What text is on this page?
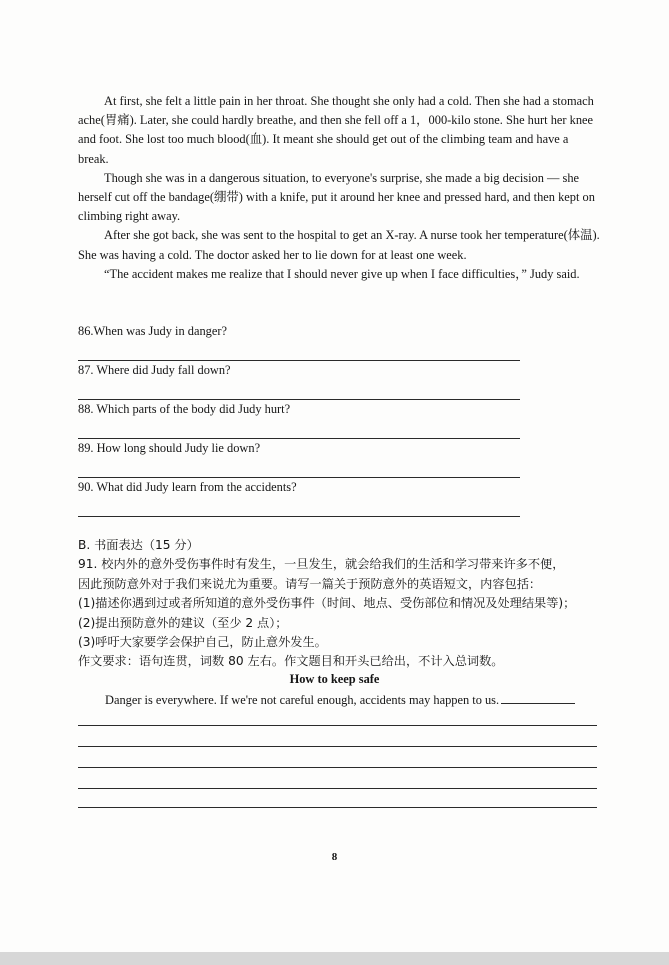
At first, she felt a little pain in her throat. She thought she only had a cold. Then she had a stomach ache(胃痛). Later, she could hardly breathe, and then she fell off a 1，000-kilo stone. She hurt her knee and foot. She lost too much blood(血). It meant she should get out of the climbing team and have a break.

Though she was in a dangerous situation, to everyone's surprise, she made a big decision — she herself cut off the bandage(绷带) with a knife, put it around her knee and pressed hard, and then kept on climbing right away.

After she got back, she was sent to the hospital to get an X-ray. A nurse took her temperature(体温). She was having a cold. The doctor asked her to lie down for at least one week.

“The accident makes me realize that I should never give up when I face difficulties，” Judy said.

86.When was Judy in danger?
87. Where did Judy fall down?
88. Which parts of the body did Judy hurt?
89. How long should Judy lie down?
90. What did Judy learn from the accidents?
B. 书面表达（15 分）
91. 校内外的意外受伤事件时有发生，一旦发生，就会给我们的生活和学习带来许多不便，
因此预防意外对于我们来说尤为重要。请写一篇关于预防意外的英语短文，内容包括：
(1)描述你遇到过或者所知道的意外受伤事件（时间、地点、受伤部位和情况及处理结果等)；
(2)提出预防意外的建议（至少 2 点）；
(3)呼吁大家要学会保护自己，防止意外发生。
作文要求：语句连贯，词数 80 左右。作文题目和开头已给出，不计入总词数。
How to keep safe
Danger is everywhere. If we're not careful enough, accidents may happen to us.
8
